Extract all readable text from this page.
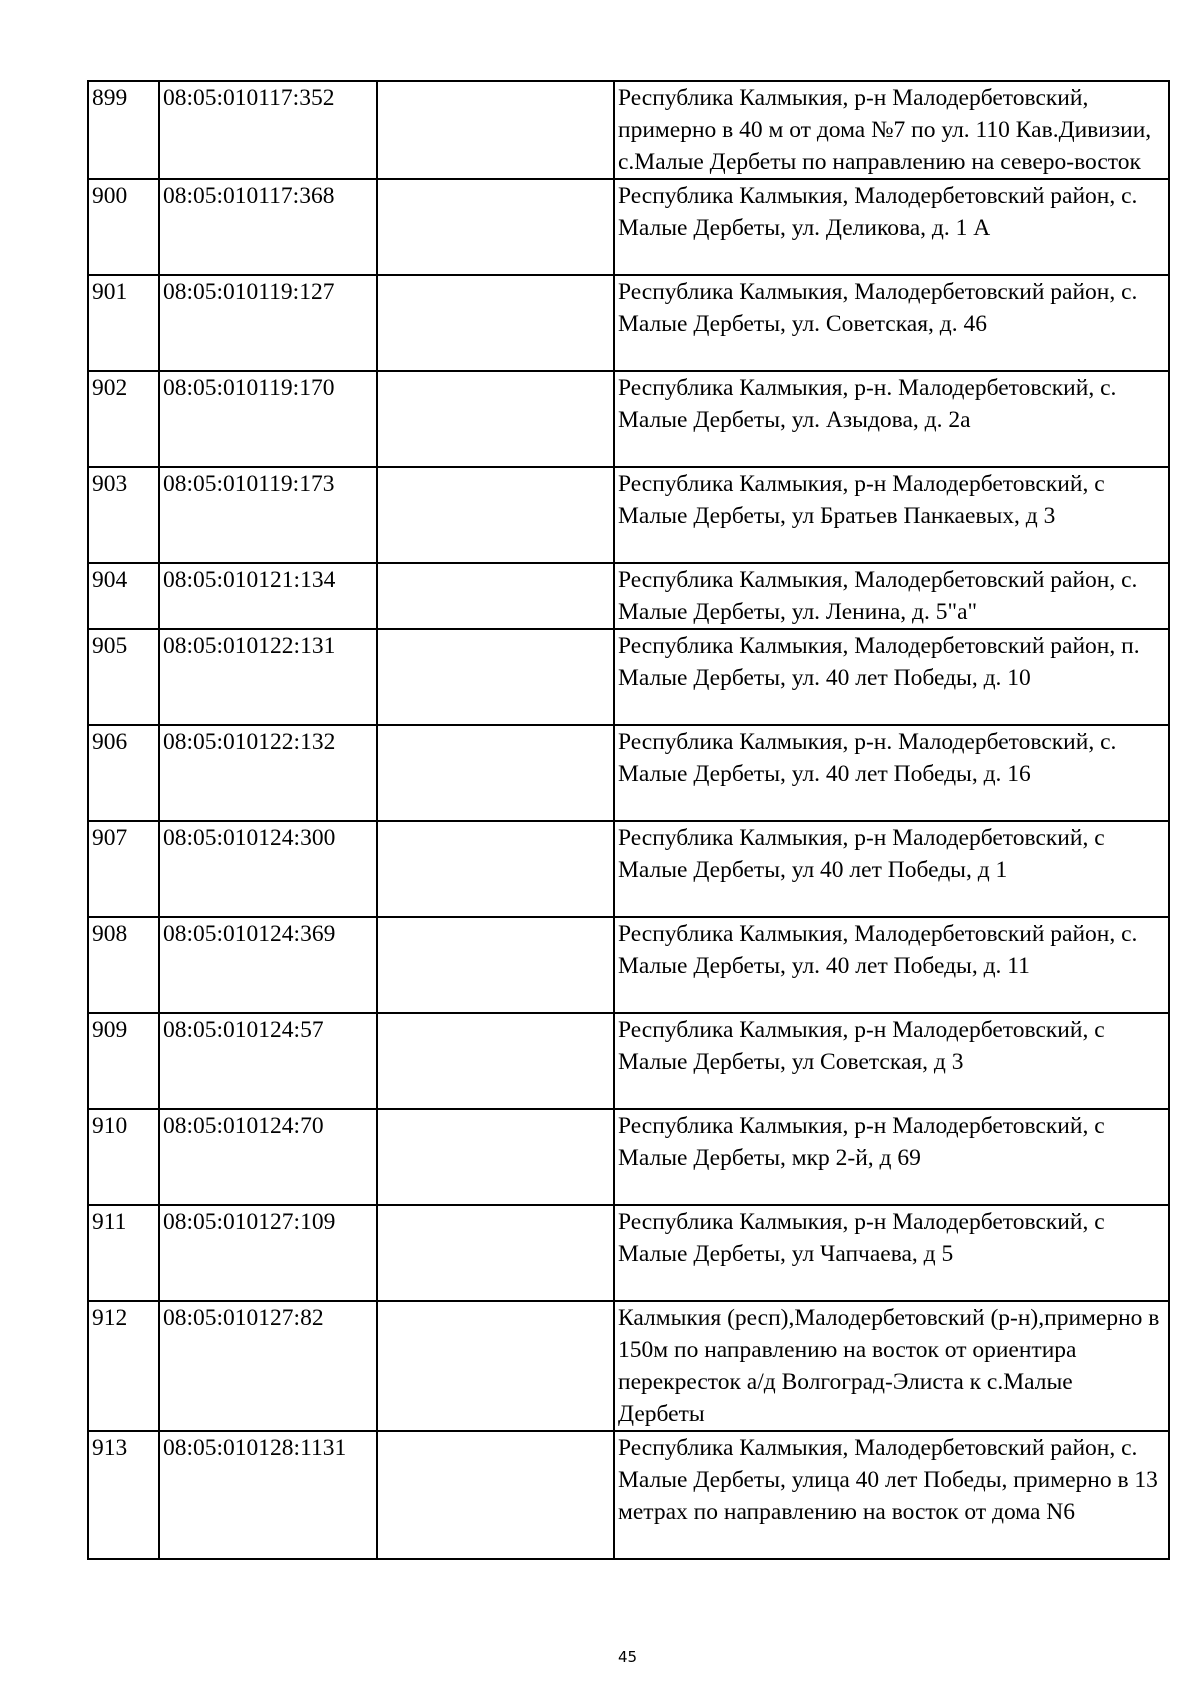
899	08:05:010117:352		Республика Калмыкия, р-н Малодербетовский, примерно в 40 м от дома №7 по ул. 110 Кав.Дивизии, с.Малые Дербеты по направлению на северо-восток
900	08:05:010117:368		Республика Калмыкия, Малодербетовский район, с. Малые Дербеты, ул. Деликова, д. 1 А
901	08:05:010119:127		Республика Калмыкия, Малодербетовский район, с. Малые Дербеты, ул. Советская, д. 46
902	08:05:010119:170		Республика Калмыкия, р-н. Малодербетовский, с. Малые Дербеты, ул. Азыдова, д. 2а
903	08:05:010119:173		Республика Калмыкия, р-н Малодербетовский, с Малые Дербеты, ул Братьев Панкаевых, д 3
904	08:05:010121:134		Республика Калмыкия, Малодербетовский район, с. Малые Дербеты, ул. Ленина, д. 5"а"
905	08:05:010122:131		Республика Калмыкия, Малодербетовский район, п. Малые Дербеты, ул. 40 лет Победы, д. 10
906	08:05:010122:132		Республика Калмыкия, р-н. Малодербетовский, с. Малые Дербеты, ул. 40 лет Победы, д. 16
907	08:05:010124:300		Республика Калмыкия, р-н Малодербетовский, с Малые Дербеты, ул 40 лет Победы, д 1
908	08:05:010124:369		Республика Калмыкия, Малодербетовский район, с. Малые Дербеты, ул. 40 лет Победы, д. 11
909	08:05:010124:57		Республика Калмыкия, р-н Малодербетовский, с Малые Дербеты, ул Советская, д 3
910	08:05:010124:70		Республика Калмыкия, р-н Малодербетовский, с Малые Дербеты, мкр 2-й, д 69
911	08:05:010127:109		Республика Калмыкия, р-н Малодербетовский, с Малые Дербеты, ул Чапчаева, д 5
912	08:05:010127:82		Калмыкия (респ),Малодербетовский (р-н),примерно в 150м по направлению на восток от ориентира перекресток а/д Волгоград-Элиста к с.Малые Дербеты
913	08:05:010128:1131		Республика Калмыкия, Малодербетовский район, с. Малые Дербеты, улица 40 лет Победы, примерно в 13 метрах по направлению на восток от дома N6
45
